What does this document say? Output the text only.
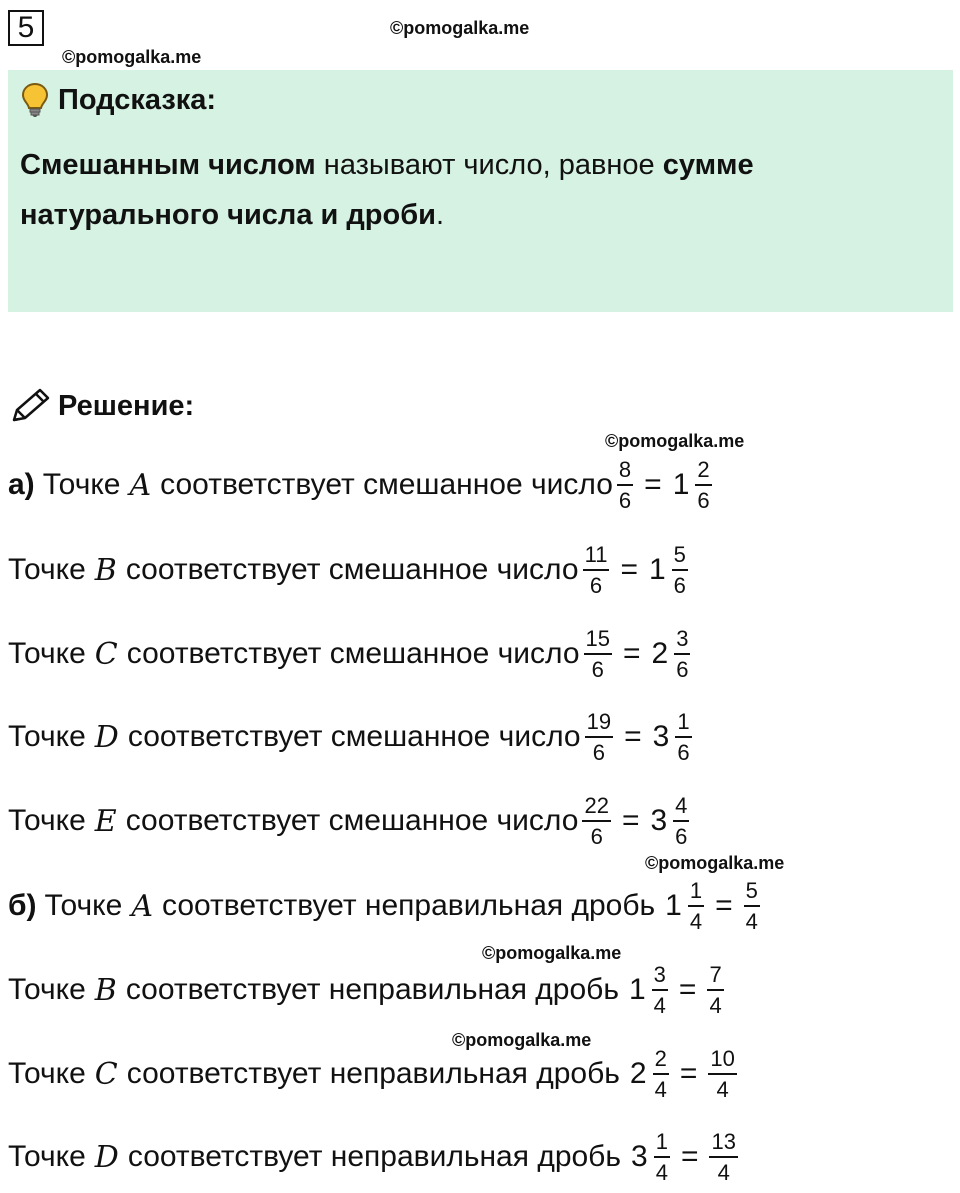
5	©pomogalka.me
©pomogalka.me
Подсказка:
Смешанным числом называют число, равное сумме натурального числа и дроби.
Решение:
©pomogalka.me
©pomogalka.me
©pomogalka.me
©pomogalka.me
а) Точке A соответствует смешанное число $\frac{8}{6} = 1 \frac{2}{6}$
Точке B соответствует смешанное число $\frac{11}{6} = 1 \frac{5}{6}$
Точке C соответствует смешанное число $\frac{15}{6} = 2 \frac{3}{6}$
Точке D соответствует смешанное число $\frac{19}{6} = 3 \frac{1}{6}$
Точке E соответствует смешанное число $\frac{22}{6} = 3 \frac{4}{6}$
б) Точке A соответствует неправильная дробь $1 \frac{1}{4} = \frac{5}{4}$
Точке B соответствует неправильная дробь $1 \frac{3}{4} = \frac{7}{4}$
Точке C соответствует неправильная дробь $2 \frac{2}{4} = \frac{10}{4}$
Точке D соответствует неправильная дробь $3 \frac{1}{4} = \frac{13}{4}$
